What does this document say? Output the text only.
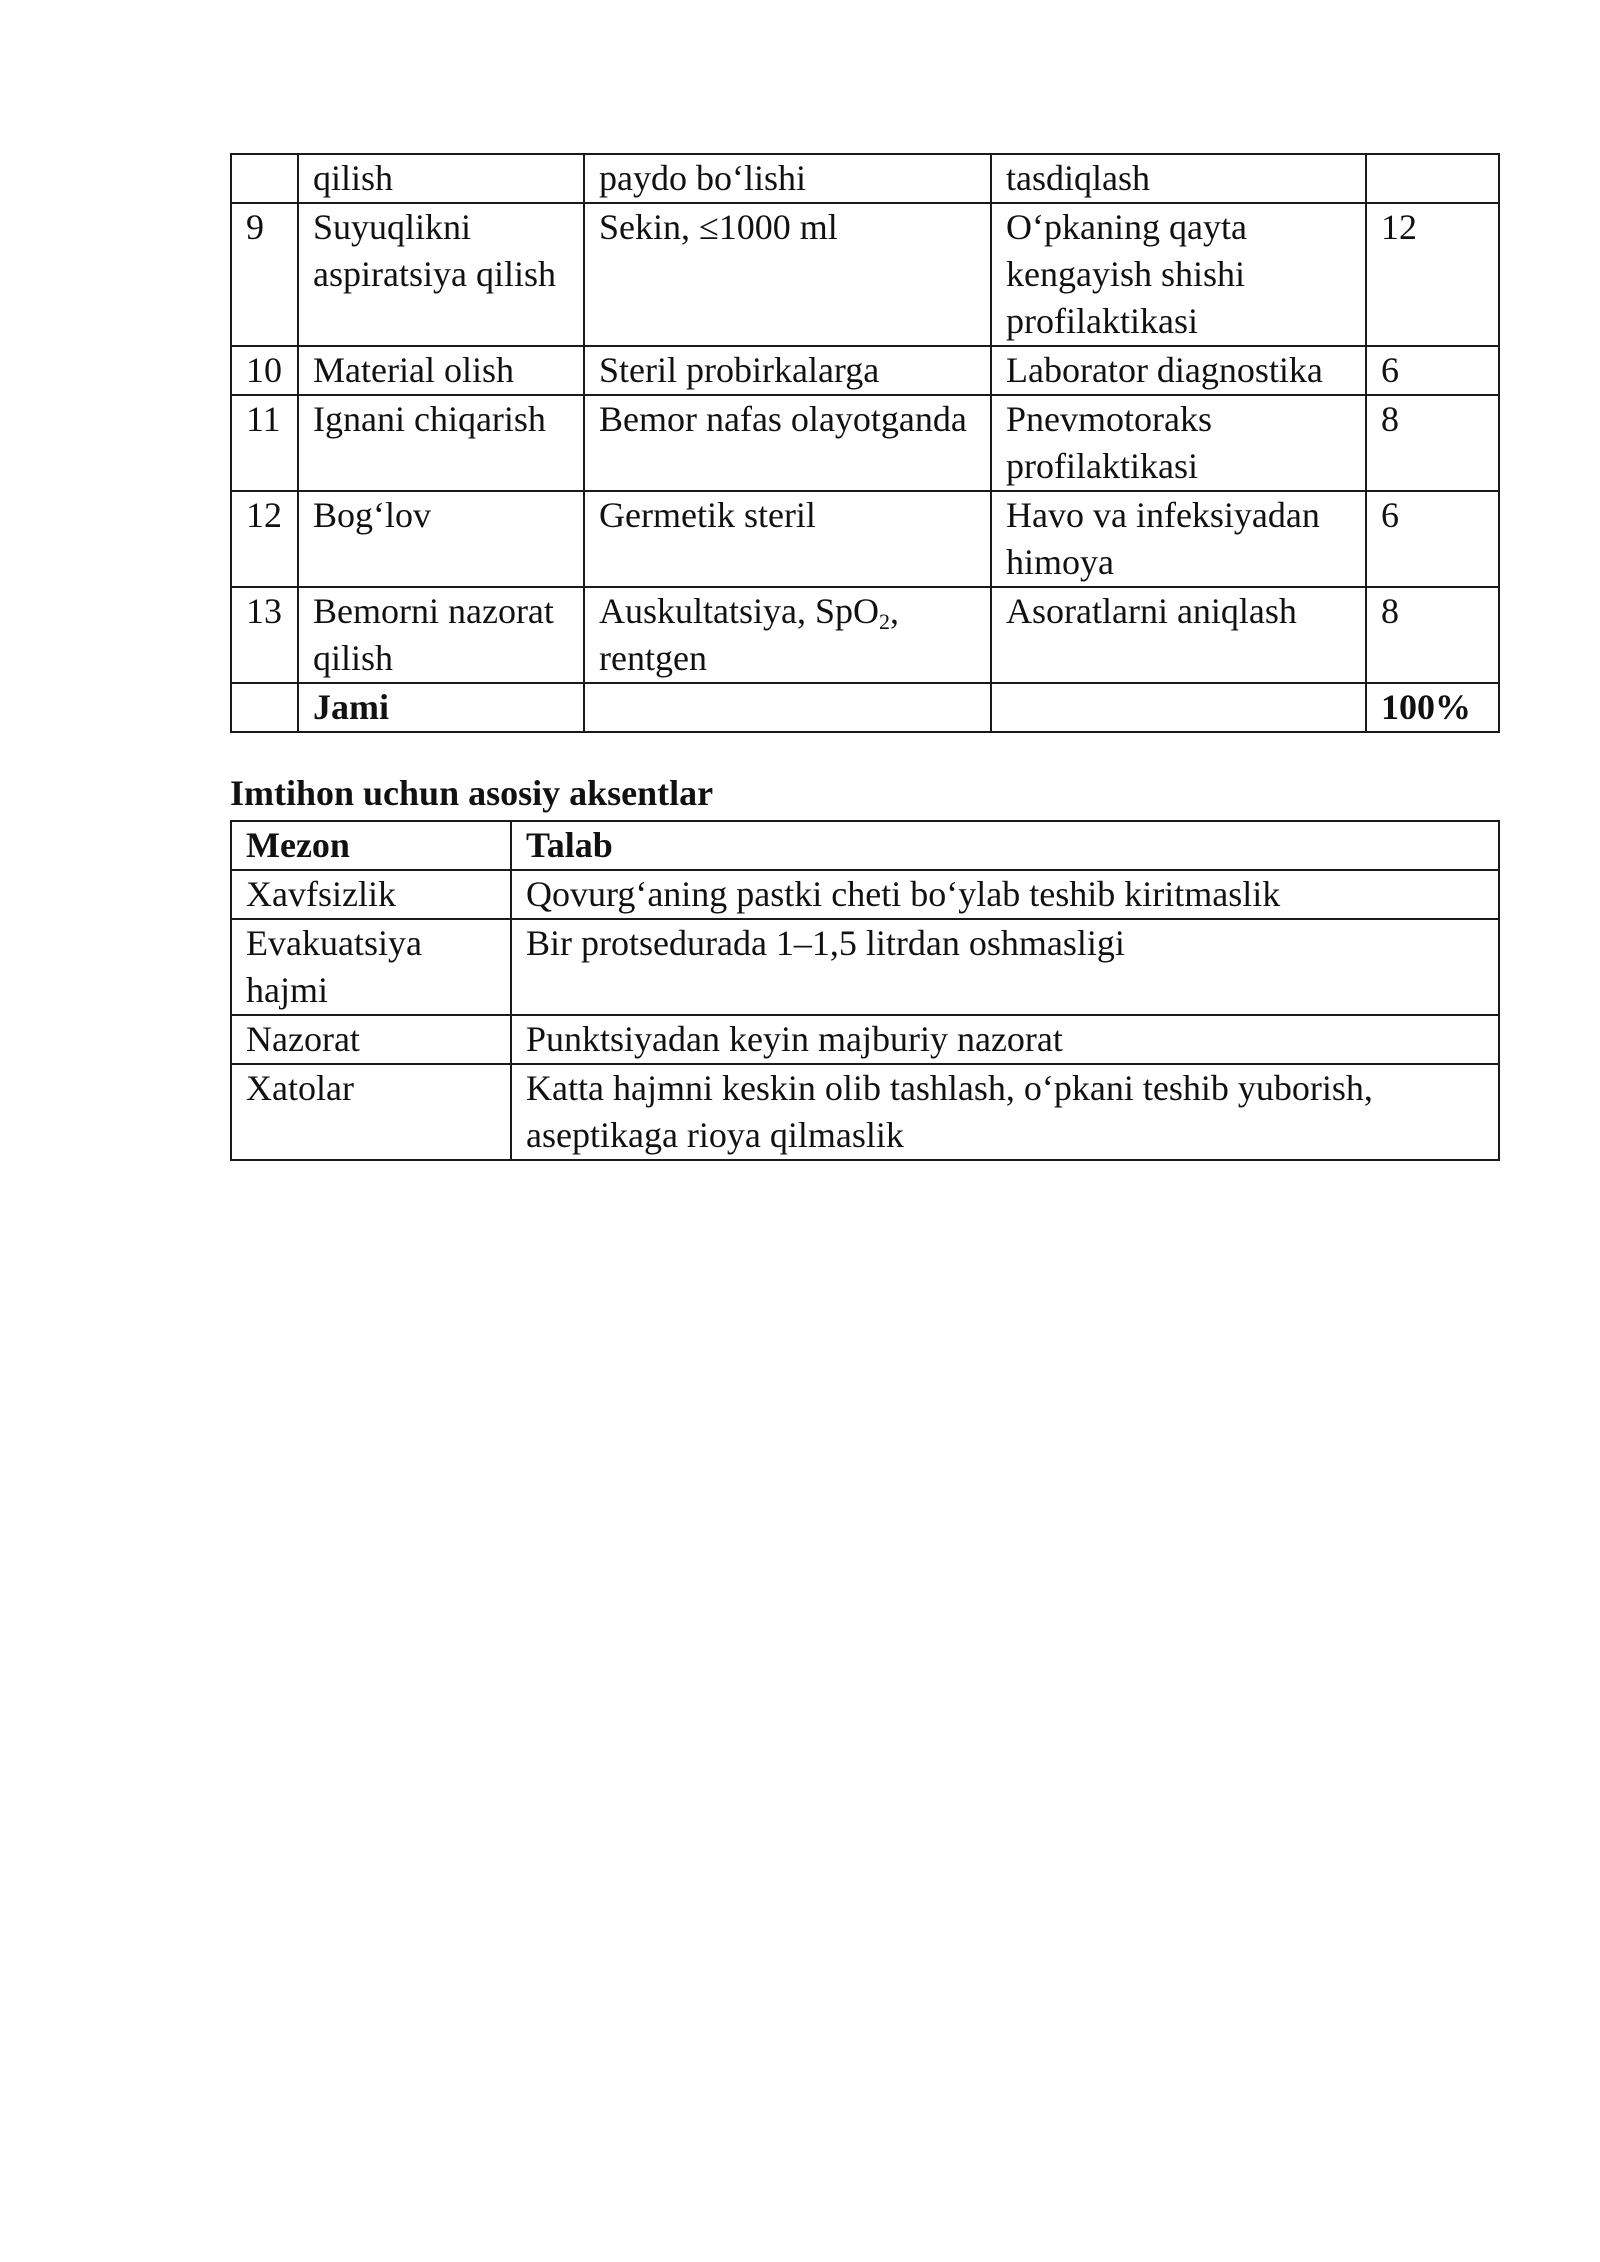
	qilish	paydo bo‘lishi	tasdiqlash	
9	Suyuqlikni aspiratsiya qilish	Sekin, ≤1000 ml	O‘pkaning qayta kengayish shishi profilaktikasi	12
10	Material olish	Steril probirkalarga	Laborator diagnostika	6
11	Ignani chiqarish	Bemor nafas olayotganda	Pnevmotoraks profilaktikasi	8
12	Bog‘lov	Germetik steril	Havo va infeksiyadan himoya	6
13	Bemorni nazorat qilish	Auskultatsiya, SpO$_2$, rentgen	Asoratlarni aniqlash	8
	Jami			100%
Imtihon uchun asosiy aksentlar
Mezon	Talab
Xavfsizlik	Qovurg‘aning pastki cheti bo‘ylab teshib kiritmaslik
Evakuatsiya hajmi	Bir protsedurada 1–1,5 litrdan oshmasligi
Nazorat	Punktsiyadan keyin majburiy nazorat
Xatolar	Katta hajmni keskin olib tashlash, o‘pkani teshib yuborish, aseptikaga rioya qilmaslik
